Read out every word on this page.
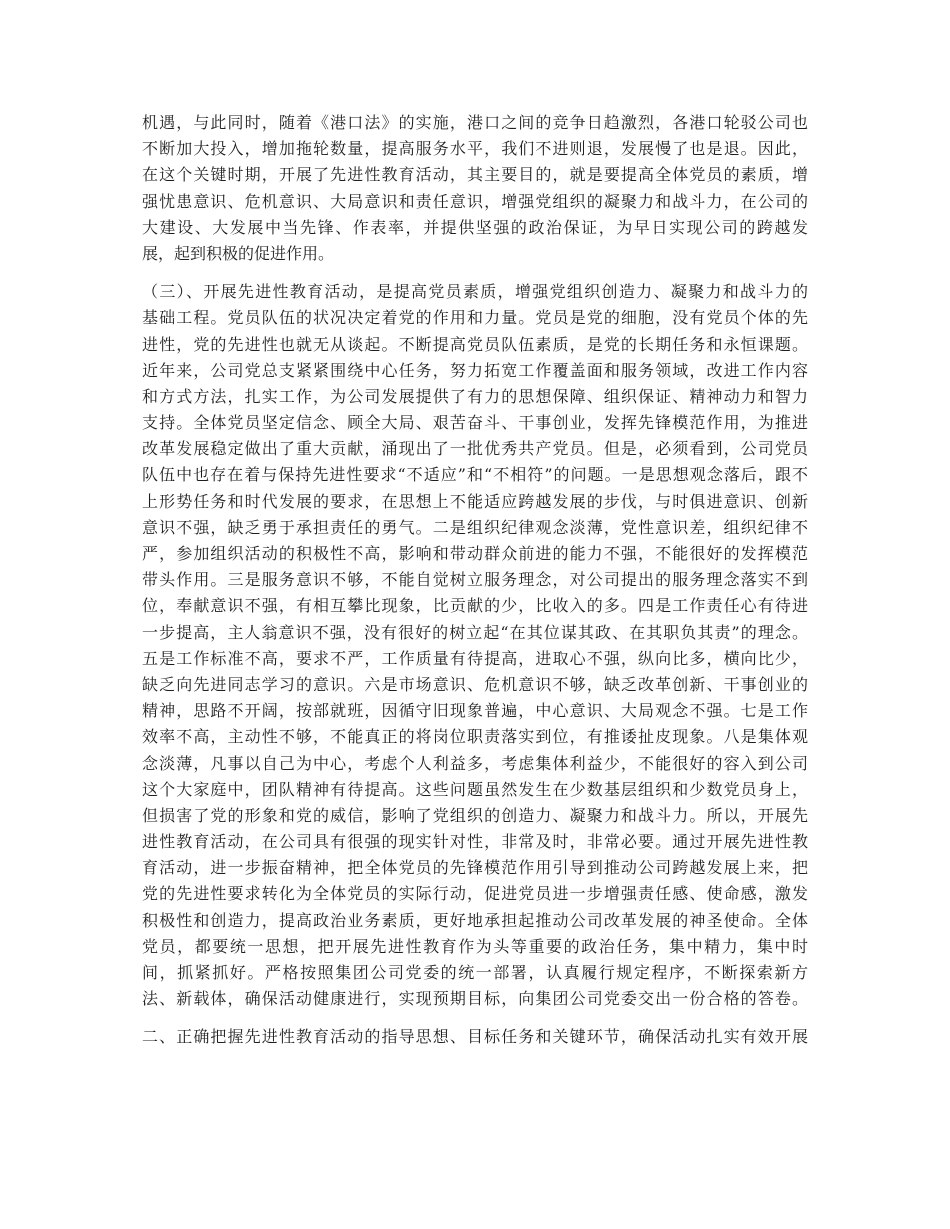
机遇，与此同时，随着《港口法》的实施，港口之间的竞争日趋激烈，各港口轮驳公司也
不断加大投入，增加拖轮数量，提高服务水平，我们不进则退，发展慢了也是退。因此，
在这个关键时期，开展了先进性教育活动，其主要目的，就是要提高全体党员的素质，增
强忧患意识、危机意识、大局意识和责任意识，增强党组织的凝聚力和战斗力，在公司的
大建设、大发展中当先锋、作表率，并提供坚强的政治保证，为早日实现公司的跨越发
展，起到积极的促进作用。
（三）、开展先进性教育活动，是提高党员素质，增强党组织创造力、凝聚力和战斗力的
基础工程。党员队伍的状况决定着党的作用和力量。党员是党的细胞，没有党员个体的先
进性，党的先进性也就无从谈起。不断提高党员队伍素质，是党的长期任务和永恒课题。
近年来，公司党总支紧紧围绕中心任务，努力拓宽工作覆盖面和服务领域，改进工作内容
和方式方法，扎实工作，为公司发展提供了有力的思想保障、组织保证、精神动力和智力
支持。全体党员坚定信念、顾全大局、艰苦奋斗、干事创业，发挥先锋模范作用，为推进
改革发展稳定做出了重大贡献，涌现出了一批优秀共产党员。但是，必须看到，公司党员
队伍中也存在着与保持先进性要求“不适应”和“不相符”的问题。一是思想观念落后，跟不
上形势任务和时代发展的要求，在思想上不能适应跨越发展的步伐，与时俱进意识、创新
意识不强，缺乏勇于承担责任的勇气。二是组织纪律观念淡薄，党性意识差，组织纪律不
严，参加组织活动的积极性不高，影响和带动群众前进的能力不强，不能很好的发挥模范
带头作用。三是服务意识不够，不能自觉树立服务理念，对公司提出的服务理念落实不到
位，奉献意识不强，有相互攀比现象，比贡献的少，比收入的多。四是工作责任心有待进
一步提高，主人翁意识不强，没有很好的树立起“在其位谋其政、在其职负其责”的理念。
五是工作标准不高，要求不严，工作质量有待提高，进取心不强，纵向比多，横向比少，
缺乏向先进同志学习的意识。六是市场意识、危机意识不够，缺乏改革创新、干事创业的
精神，思路不开阔，按部就班，因循守旧现象普遍，中心意识、大局观念不强。七是工作
效率不高，主动性不够，不能真正的将岗位职责落实到位，有推诿扯皮现象。八是集体观
念淡薄，凡事以自己为中心，考虑个人利益多，考虑集体利益少，不能很好的容入到公司
这个大家庭中，团队精神有待提高。这些问题虽然发生在少数基层组织和少数党员身上，
但损害了党的形象和党的威信，影响了党组织的创造力、凝聚力和战斗力。所以，开展先
进性教育活动，在公司具有很强的现实针对性，非常及时，非常必要。通过开展先进性教
育活动，进一步振奋精神，把全体党员的先锋模范作用引导到推动公司跨越发展上来，把
党的先进性要求转化为全体党员的实际行动，促进党员进一步增强责任感、使命感，激发
积极性和创造力，提高政治业务素质，更好地承担起推动公司改革发展的神圣使命。全体
党员，都要统一思想，把开展先进性教育作为头等重要的政治任务，集中精力，集中时
间，抓紧抓好。严格按照集团公司党委的统一部署，认真履行规定程序，不断探索新方
法、新载体，确保活动健康进行，实现预期目标，向集团公司党委交出一份合格的答卷。
二、正确把握先进性教育活动的指导思想、目标任务和关键环节，确保活动扎实有效开展
